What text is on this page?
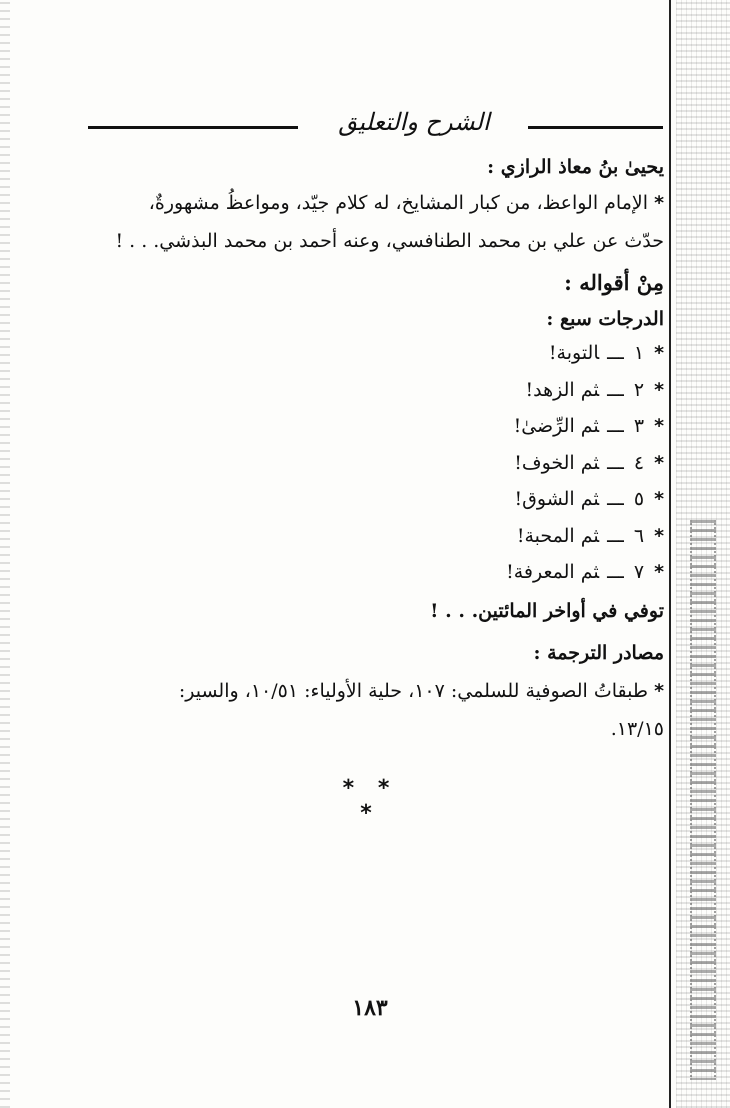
الشرح والتعليق
يحيىٰ بنُ معاذ الرازي :
* الإمام الواعظ، من كبار المشايخ، له كلام جيّد، ومواعظُ مشهورةٌ،
حدّث عن علي بن محمد الطنافسي، وعنه أحمد بن محمد البذشي. . . !
مِنْ أقواله :
الدرجات سبع :
*١ـــالتوبة!
*٢ـــثم الزهد!
*٣ـــثم الرِّضىٰ!
*٤ـــثم الخوف!
*٥ـــثم الشوق!
*٦ـــثم المحبة!
*٧ـــثم المعرفة!
توفي في أواخر المائتين. . . !
مصادر الترجمة :
* طبقاتُ الصوفية للسلمي: ١٠٧، حلية الأولياء: ١٠/٥١، والسير:
١٣/١٥.
* * *
١٨٣
